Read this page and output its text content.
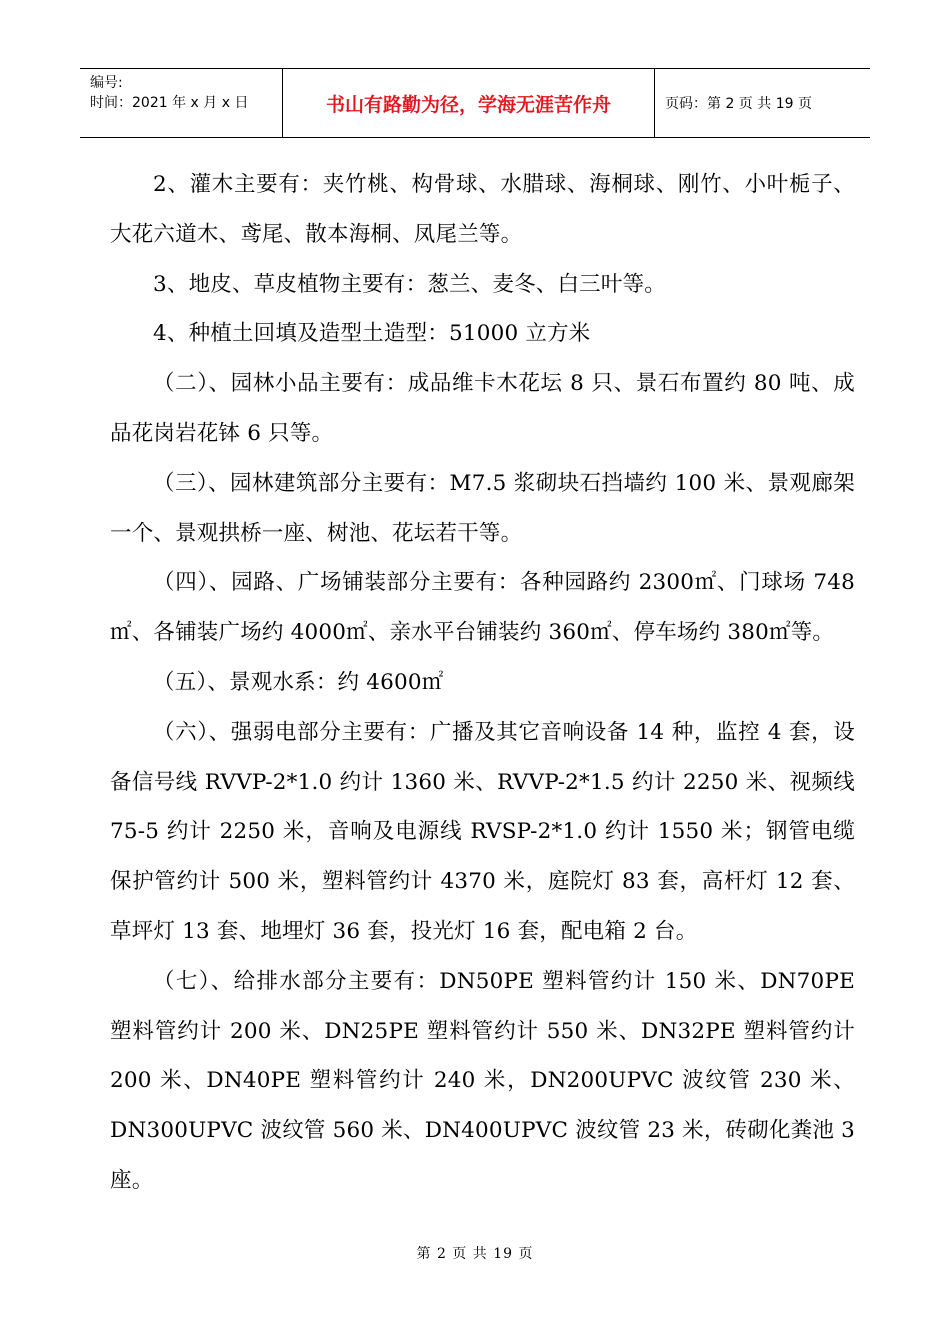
编号:
时间：2021 年 x 月 x 日	书山有路勤为径，学海无涯苦作舟	页码：第 2 页 共 19 页

2、灌木主要有：夹竹桃、构骨球、水腊球、海桐球、刚竹、小叶栀子、大花六道木、鸢尾、散本海桐、凤尾兰等。

3、地皮、草皮植物主要有：葱兰、麦冬、白三叶等。

4、种植土回填及造型土造型：51000 立方米

（二）、园林小品主要有：成品维卡木花坛 8 只、景石布置约 80 吨、成品花岗岩花钵 6 只等。

（三）、园林建筑部分主要有：M7.5 浆砌块石挡墙约 100 米、景观廊架一个、景观拱桥一座、树池、花坛若干等。

（四）、园路、广场铺装部分主要有：各种园路约 2300㎡、门球场 748㎡、各铺装广场约 4000㎡、亲水平台铺装约 360㎡、停车场约 380㎡等。

（五）、景观水系：约 4600㎡

（六）、强弱电部分主要有：广播及其它音响设备 14 种，监控 4 套，设备信号线 RVVP-2*1.0 约计 1360 米、RVVP-2*1.5 约计 2250 米、视频线 75-5 约计 2250 米，音响及电源线 RVSP-2*1.0 约计 1550 米；钢管电缆保护管约计 500 米，塑料管约计 4370 米，庭院灯 83 套，高杆灯 12 套、草坪灯 13 套、地埋灯 36 套，投光灯 16 套，配电箱 2 台。

（七）、给排水部分主要有：DN50PE 塑料管约计 150 米、DN70PE 塑料管约计 200 米、DN25PE 塑料管约计 550 米、DN32PE 塑料管约计 200 米、DN40PE 塑料管约计 240 米，DN200UPVC 波纹管 230 米、DN300UPVC 波纹管 560 米、DN400UPVC 波纹管 23 米，砖砌化粪池 3 座。

第 2 页 共 19 页
